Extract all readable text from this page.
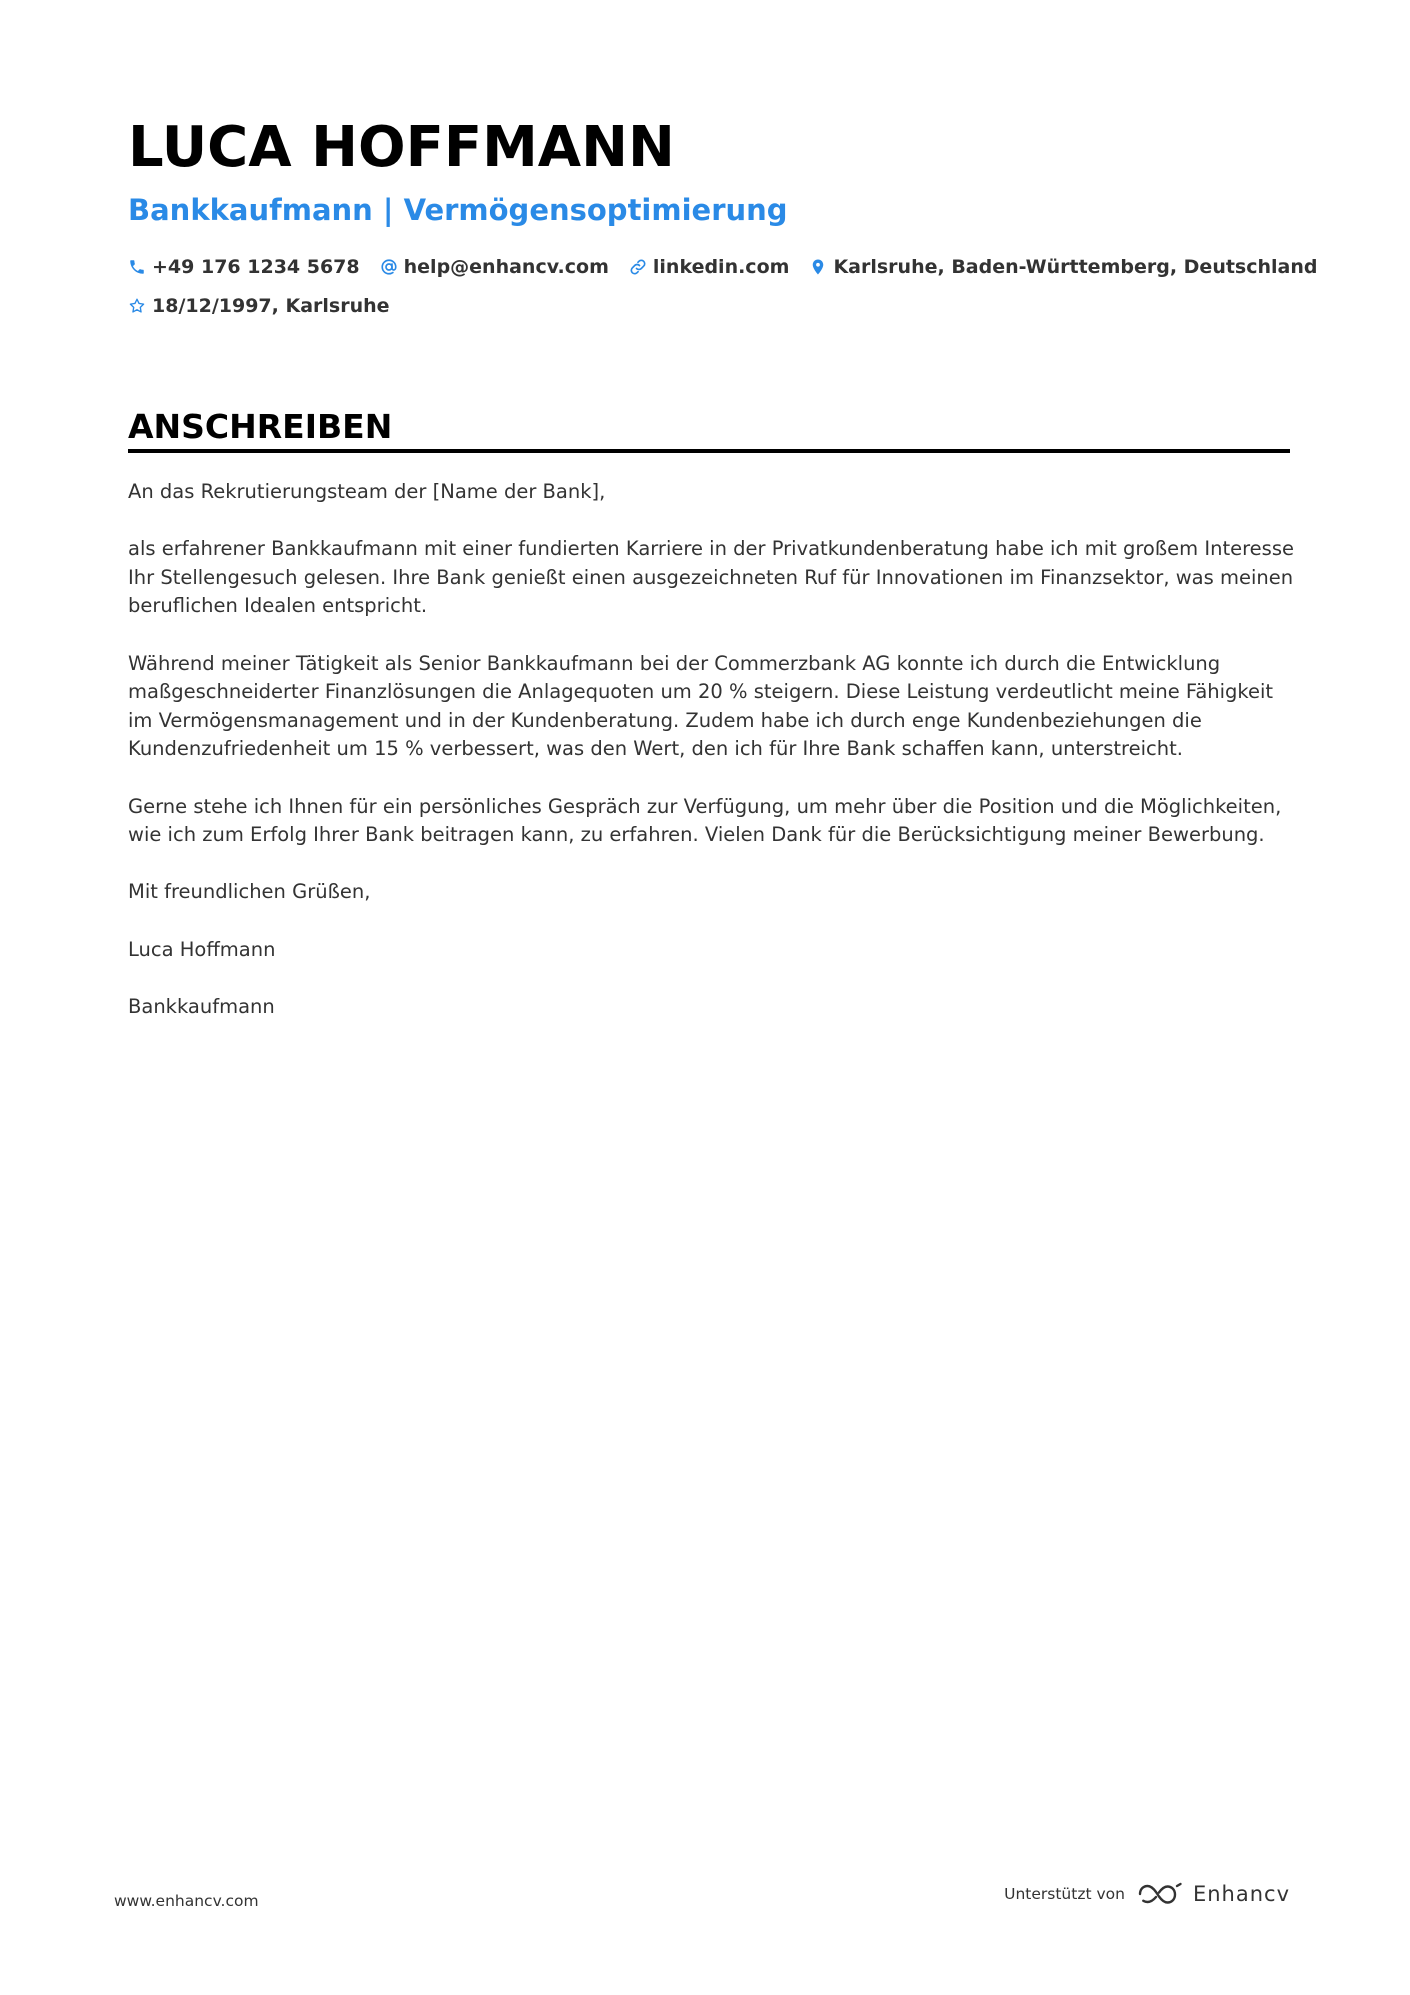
LUCA HOFFMANN
Bankkaufmann | Vermögensoptimierung
+49 176 1234 5678 help@enhancv.com linkedin.com Karlsruhe, Baden-Württemberg, Deutschland
18/12/1997, Karlsruhe
ANSCHREIBEN

An das Rekrutierungsteam der [Name der Bank],

als erfahrener Bankkaufmann mit einer fundierten Karriere in der Privatkundenberatung habe ich mit großem Interesse Ihr Stellengesuch gelesen. Ihre Bank genießt einen ausgezeichneten Ruf für Innovationen im Finanzsektor, was meinen beruflichen Idealen entspricht.

Während meiner Tätigkeit als Senior Bankkaufmann bei der Commerzbank AG konnte ich durch die Entwicklung maßgeschneiderter Finanzlösungen die Anlagequoten um 20 % steigern. Diese Leistung verdeutlicht meine Fähigkeit im Vermögensmanagement und in der Kundenberatung. Zudem habe ich durch enge Kundenbeziehungen die Kundenzufriedenheit um 15 % verbessert, was den Wert, den ich für Ihre Bank schaffen kann, unterstreicht.

Gerne stehe ich Ihnen für ein persönliches Gespräch zur Verfügung, um mehr über die Position und die Möglichkeiten, wie ich zum Erfolg Ihrer Bank beitragen kann, zu erfahren. Vielen Dank für die Berücksichtigung meiner Bewerbung.

Mit freundlichen Grüßen,

Luca Hoffmann

Bankkaufmann

www.enhancv.com	Unterstützt von	Enhancv
